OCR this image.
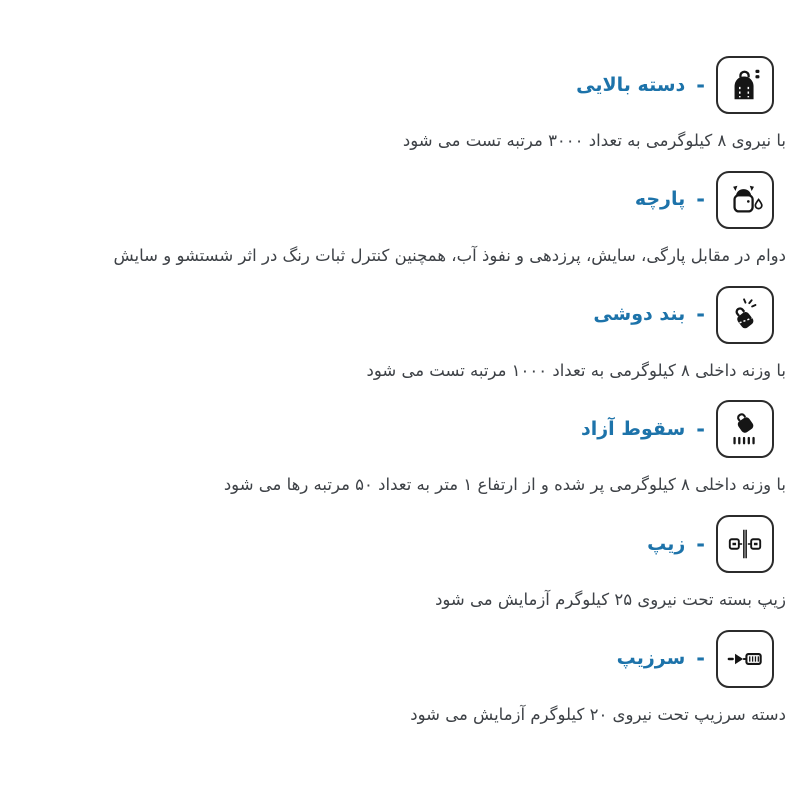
-
دسته بالایی

با نیروی ۸ کیلوگرمی به تعداد ۳۰۰۰ مرتبه تست می شود

-
پارچه

دوام در مقابل پارگی، سایش، پرزدهی و نفوذ آب، همچنین کنترل ثبات رنگ در اثر شستشو و سایش

-
بند دوشی

با وزنه داخلی ۸ کیلوگرمی به تعداد ۱۰۰۰ مرتبه تست می شود

-
سقوط آزاد

با وزنه داخلی ۸ کیلوگرمی پر شده و از ارتفاع ۱ متر به تعداد ۵۰ مرتبه رها می شود

-
زیپ

زیپ بسته تحت نیروی ۲۵ کیلوگرم آزمایش می شود

-
سرزیپ

دسته سرزیپ تحت نیروی ۲۰ کیلوگرم آزمایش می شود
